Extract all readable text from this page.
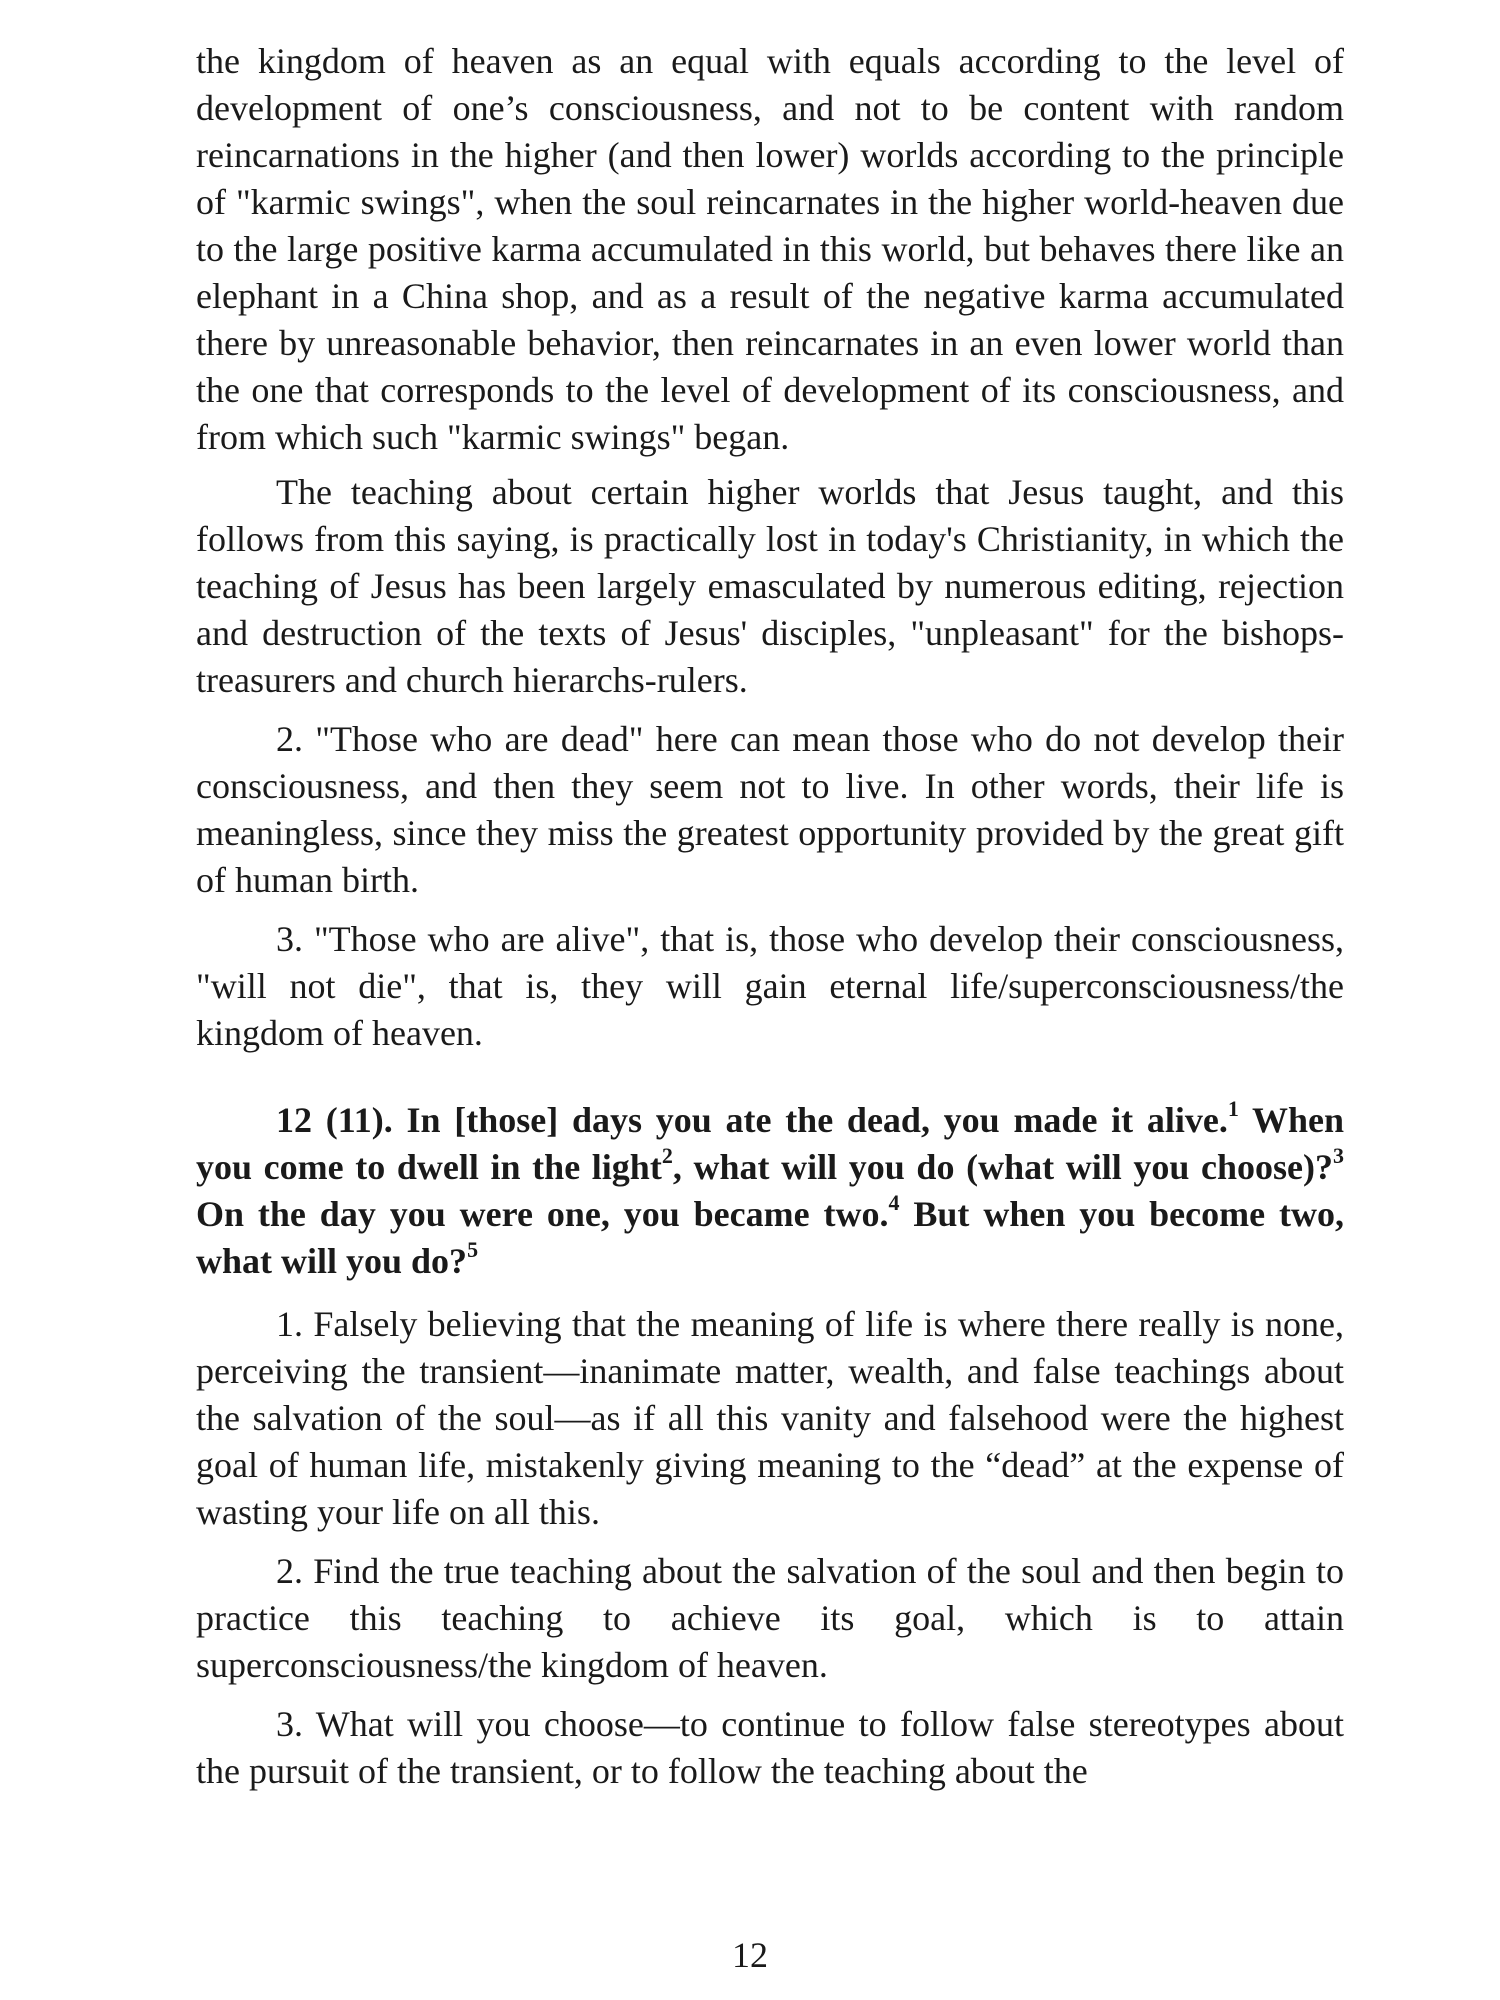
the kingdom of heaven as an equal with equals according to the level of development of one’s consciousness, and not to be content with random reincarnations in the higher (and then lower) worlds according to the principle of "karmic swings", when the soul reincarnates in the higher world-heaven due to the large positive karma accumulated in this world, but behaves there like an elephant in a China shop, and as a result of the negative karma accumulated there by unreasonable behavior, then reincarnates in an even lower world than the one that corresponds to the level of development of its consciousness, and from which such "karmic swings" began.

The teaching about certain higher worlds that Jesus taught, and this follows from this saying, is practically lost in today's Christianity, in which the teaching of Jesus has been largely emasculated by numerous editing, rejection and destruction of the texts of Jesus' disciples, "unpleasant" for the bishops-treasurers and church hierarchs-rulers.

2. "Those who are dead" here can mean those who do not develop their consciousness, and then they seem not to live. In other words, their life is meaningless, since they miss the greatest opportunity provided by the great gift of human birth.

3. "Those who are alive", that is, those who develop their consciousness, "will not die", that is, they will gain eternal life/superconsciousness/the kingdom of heaven.

12 (11). In [those] days you ate the dead, you made it alive.$^1$ When you come to dwell in the light$^2$, what will you do (what will you choose)?$^3$ On the day you were one, you became two.$^4$ But when you become two, what will you do?$^5$

1. Falsely believing that the meaning of life is where there really is none, perceiving the transient—inanimate matter, wealth, and false teachings about the salvation of the soul—as if all this vanity and falsehood were the highest goal of human life, mistakenly giving meaning to the “dead” at the expense of wasting your life on all this.

2. Find the true teaching about the salvation of the soul and then begin to practice this teaching to achieve its goal, which is to attain superconsciousness/the kingdom of heaven.

3. What will you choose—to continue to follow false stereotypes about the pursuit of the transient, or to follow the teaching about the

12
